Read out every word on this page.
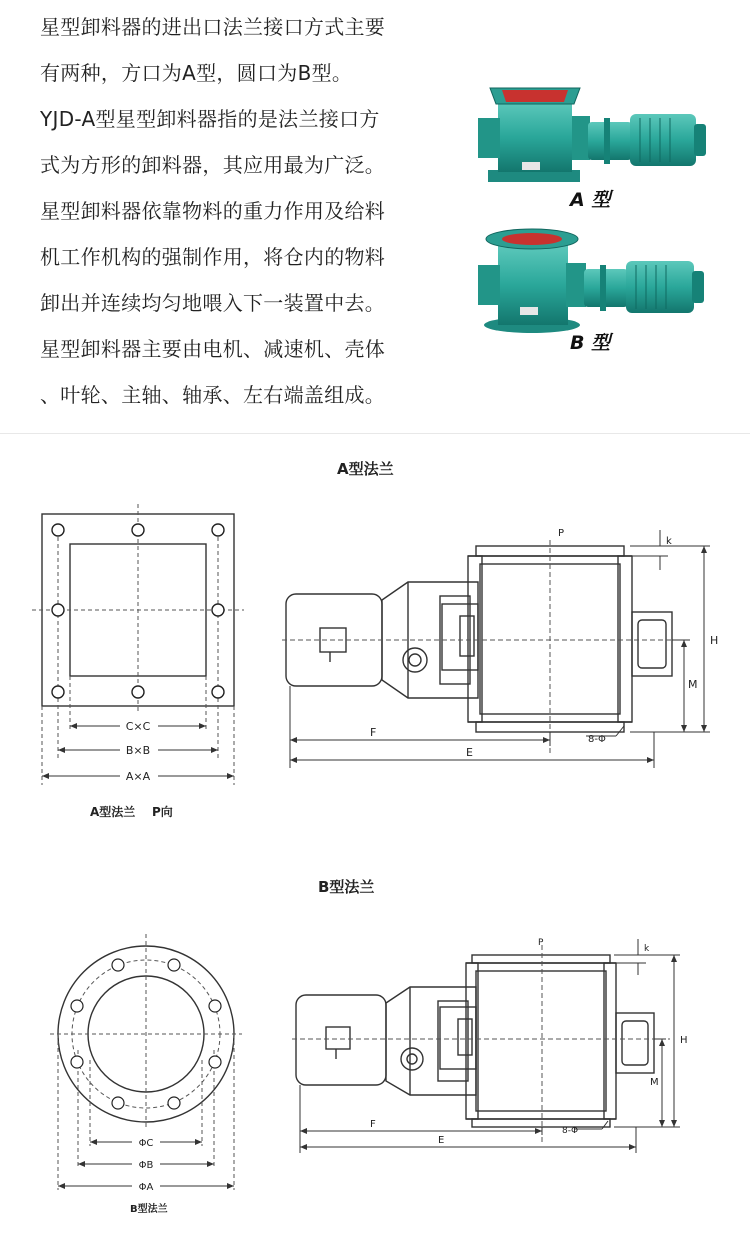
星型卸料器的进出口法兰接口方式主要
有两种，方口为A型，圆口为B型。
YJD-A型星型卸料器指的是法兰接口方
式为方形的卸料器，其应用最为广泛。
星型卸料器依靠物料的重力作用及给料
机工作机构的强制作用，将仓内的物料
卸出并连续均匀地喂入下一装置中去。
星型卸料器主要由电机、减速机、壳体
、叶轮、主轴、轴承、左右端盖组成。
A 型
B 型
A型法兰
C×C
B×B
A×A
A型法兰    P向
P
k
H
M
F
E
8-Φ
B型法兰
ΦC
ΦB
ΦA
B型法兰
P
k
H
M
F
E
8-Φ
